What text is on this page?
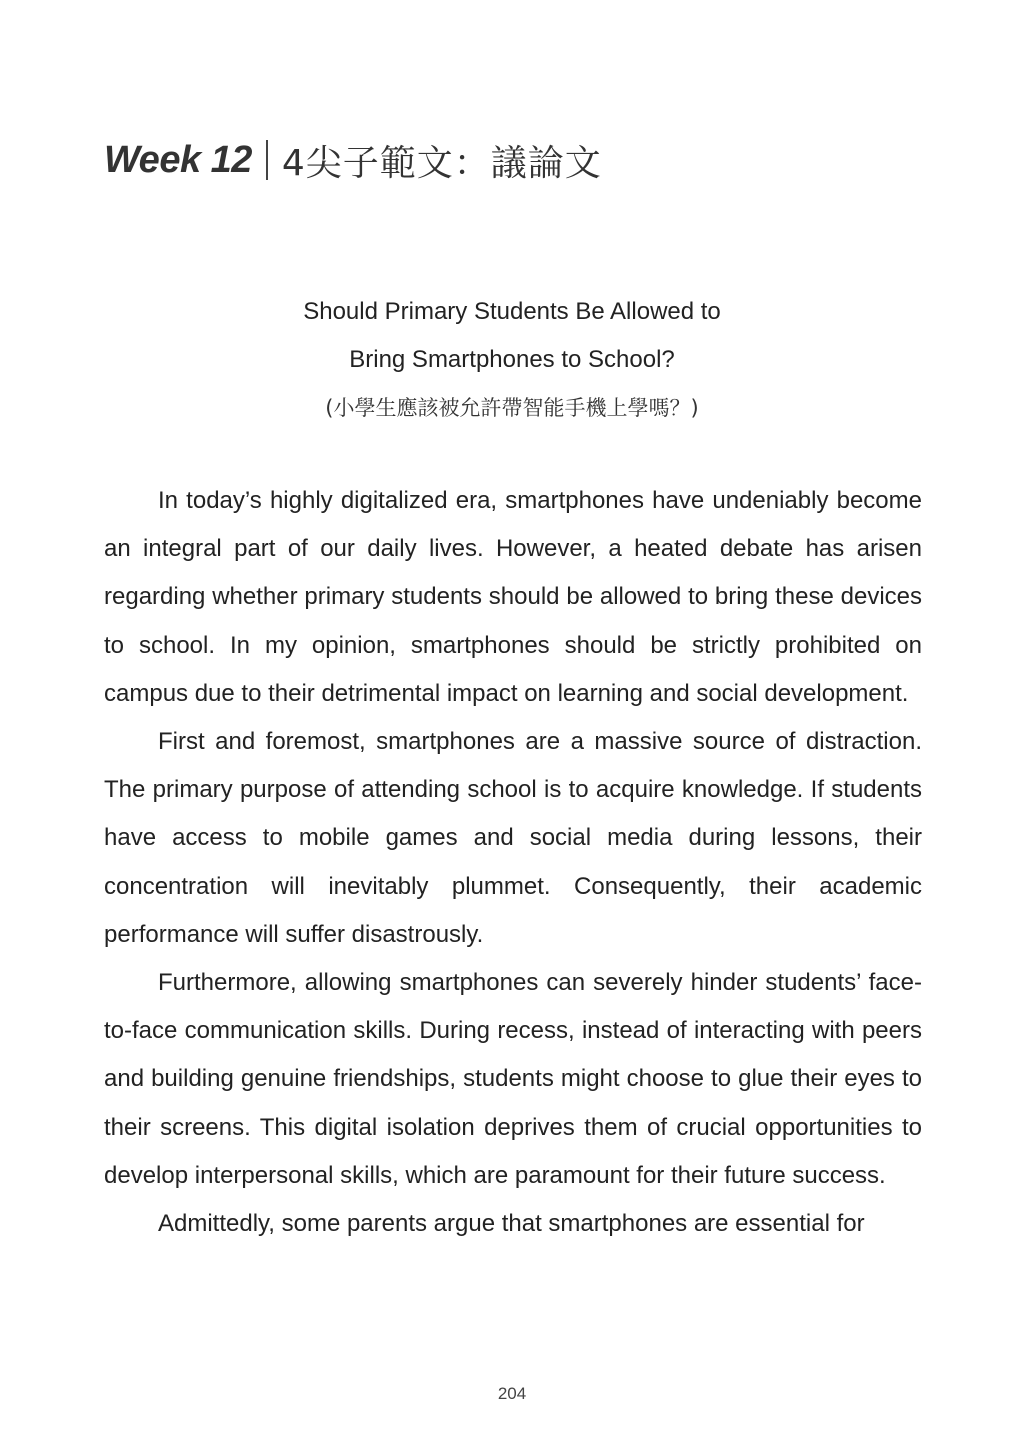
Week 12 4尖子範文：議論文
Should Primary Students Be Allowed to
Bring Smartphones to School?
(小學生應該被允許帶智能手機上學嗎？)

In today’s highly digitalized era, smartphones have undeniably become an integral part of our daily lives. However, a heated debate has arisen regarding whether primary students should be allowed to bring these devices to school. In my opinion, smartphones should be strictly prohibited on campus due to their detrimental impact on learning and social development.

First and foremost, smartphones are a massive source of distraction. The primary purpose of attending school is to acquire knowledge. If students have access to mobile games and social media during lessons, their concentration will inevitably plummet. Consequently, their academic performance will suffer disastrously.

Furthermore, allowing smartphones can severely hinder students’ face-to-face communication skills. During recess, instead of interacting with peers and building genuine friendships, students might choose to glue their eyes to their screens. This digital isolation deprives them of crucial opportunities to develop interpersonal skills, which are paramount for their future success.

Admittedly, some parents argue that smartphones are essential for

204
